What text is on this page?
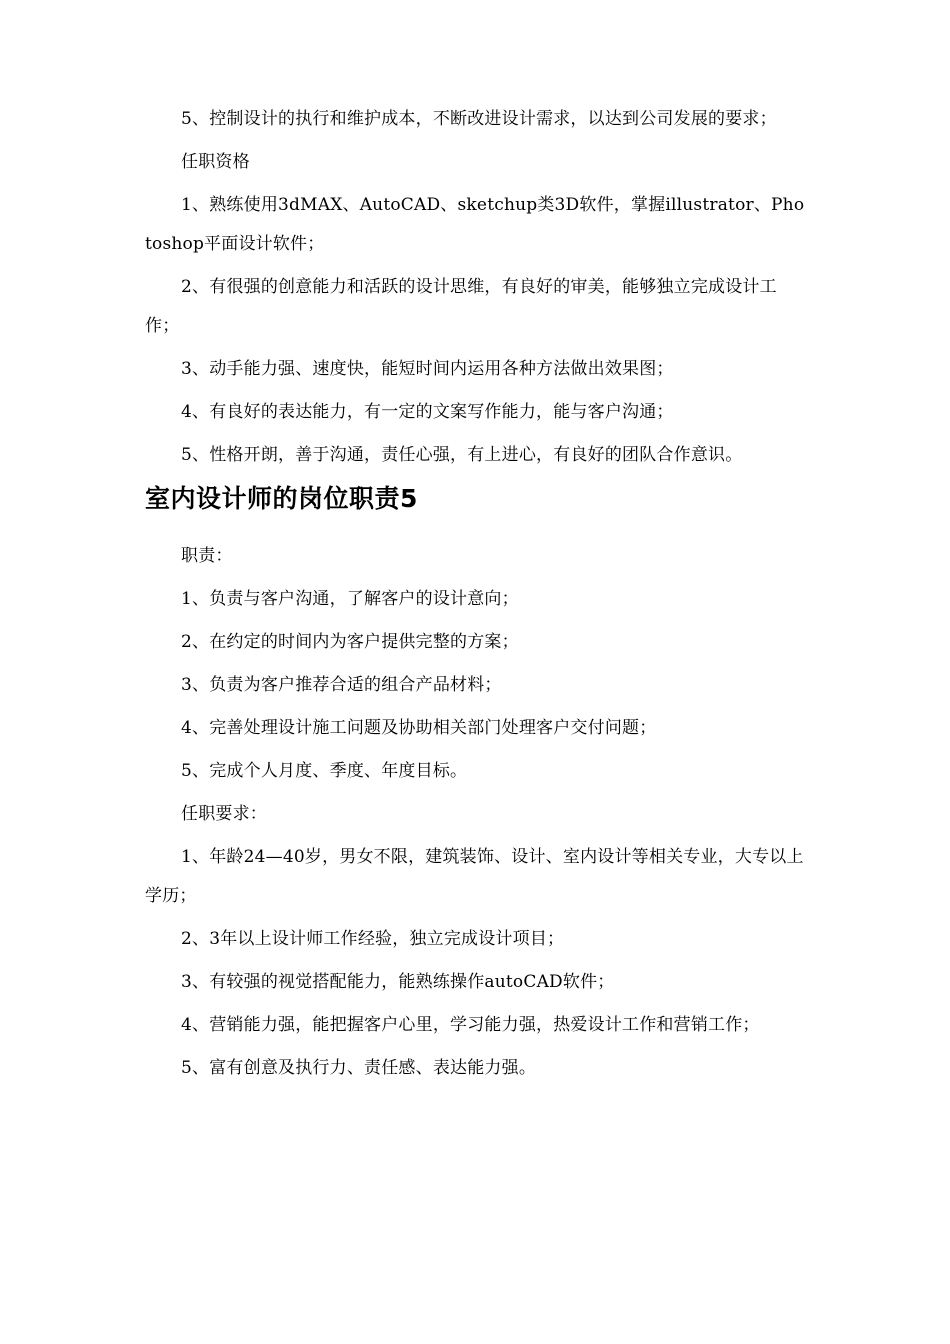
5、控制设计的执行和维护成本，不断改进设计需求，以达到公司发展的要求；

任职资格

1、熟练使用3dMAX、AutoCAD、sketchup类3D软件，掌握illustrator、Photoshop平面设计软件；

2、有很强的创意能力和活跃的设计思维，有良好的审美，能够独立完成设计工作；

3、动手能力强、速度快，能短时间内运用各种方法做出效果图；

4、有良好的表达能力，有一定的文案写作能力，能与客户沟通；

5、性格开朗，善于沟通，责任心强，有上进心，有良好的团队合作意识。

室内设计师的岗位职责5

职责：

1、负责与客户沟通，了解客户的设计意向；

2、在约定的时间内为客户提供完整的方案；

3、负责为客户推荐合适的组合产品材料；

4、完善处理设计施工问题及协助相关部门处理客户交付问题；

5、完成个人月度、季度、年度目标。

任职要求：

1、年龄24—40岁，男女不限，建筑装饰、设计、室内设计等相关专业，大专以上学历；

2、3年以上设计师工作经验，独立完成设计项目；

3、有较强的视觉搭配能力，能熟练操作autoCAD软件；

4、营销能力强，能把握客户心里，学习能力强，热爱设计工作和营销工作；

5、富有创意及执行力、责任感、表达能力强。
